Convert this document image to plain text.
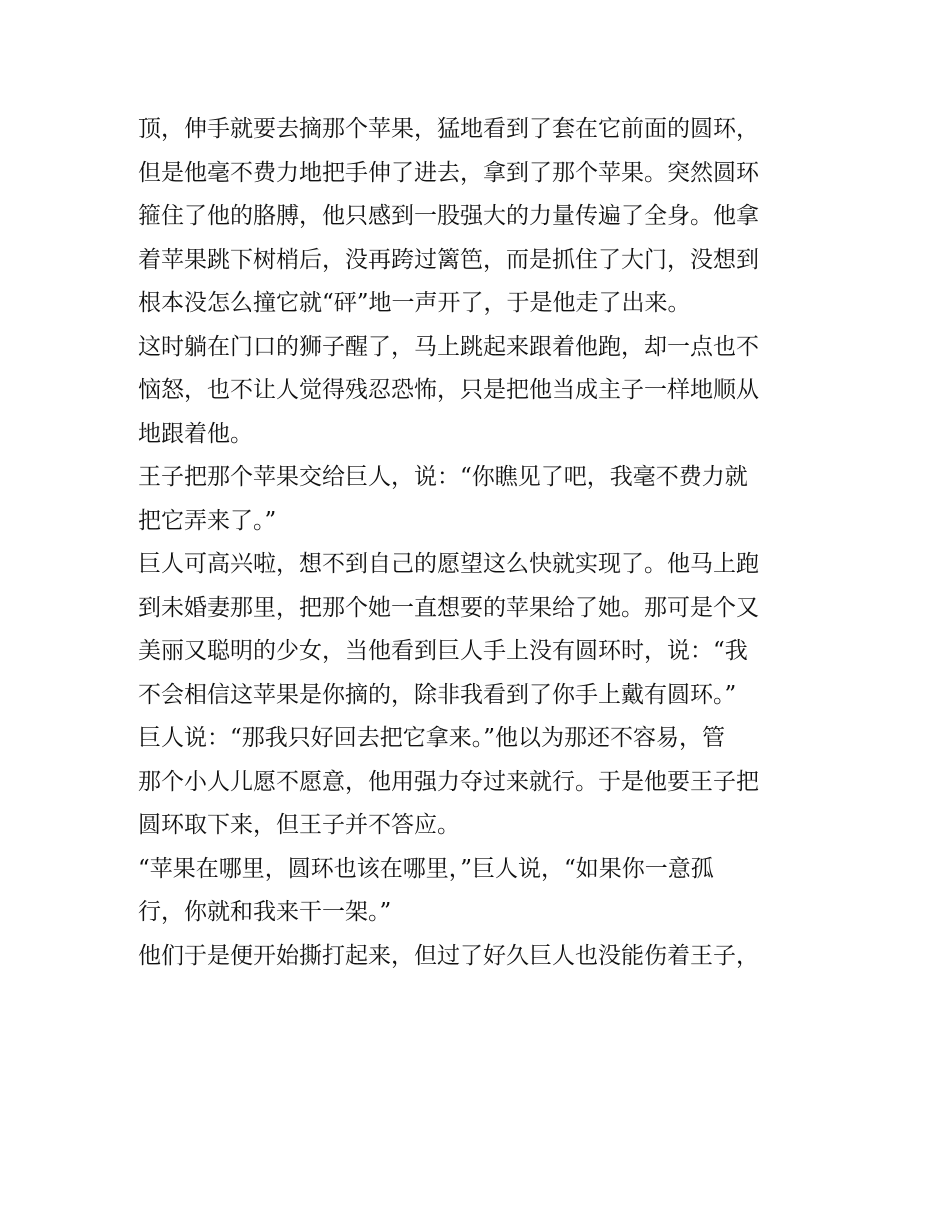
顶，伸手就要去摘那个苹果，猛地看到了套在它前面的圆环，
但是他毫不费力地把手伸了进去，拿到了那个苹果。突然圆环
箍住了他的胳膊，他只感到一股强大的力量传遍了全身。他拿
着苹果跳下树梢后，没再跨过篱笆，而是抓住了大门，没想到
根本没怎么撞它就“砰”地一声开了，于是他走了出来。
这时躺在门口的狮子醒了，马上跳起来跟着他跑，却一点也不
恼怒，也不让人觉得残忍恐怖，只是把他当成主子一样地顺从
地跟着他。
王子把那个苹果交给巨人，说：“你瞧见了吧，我毫不费力就
把它弄来了。”
巨人可高兴啦，想不到自己的愿望这么快就实现了。他马上跑
到未婚妻那里，把那个她一直想要的苹果给了她。那可是个又
美丽又聪明的少女，当他看到巨人手上没有圆环时，说：“我
不会相信这苹果是你摘的，除非我看到了你手上戴有圆环。”
巨人说：“那我只好回去把它拿来。”他以为那还不容易，管
那个小人儿愿不愿意，他用强力夺过来就行。于是他要王子把
圆环取下来，但王子并不答应。
“苹果在哪里，圆环也该在哪里，”巨人说，“如果你一意孤
行，你就和我来干一架。”
他们于是便开始撕打起来，但过了好久巨人也没能伤着王子，
